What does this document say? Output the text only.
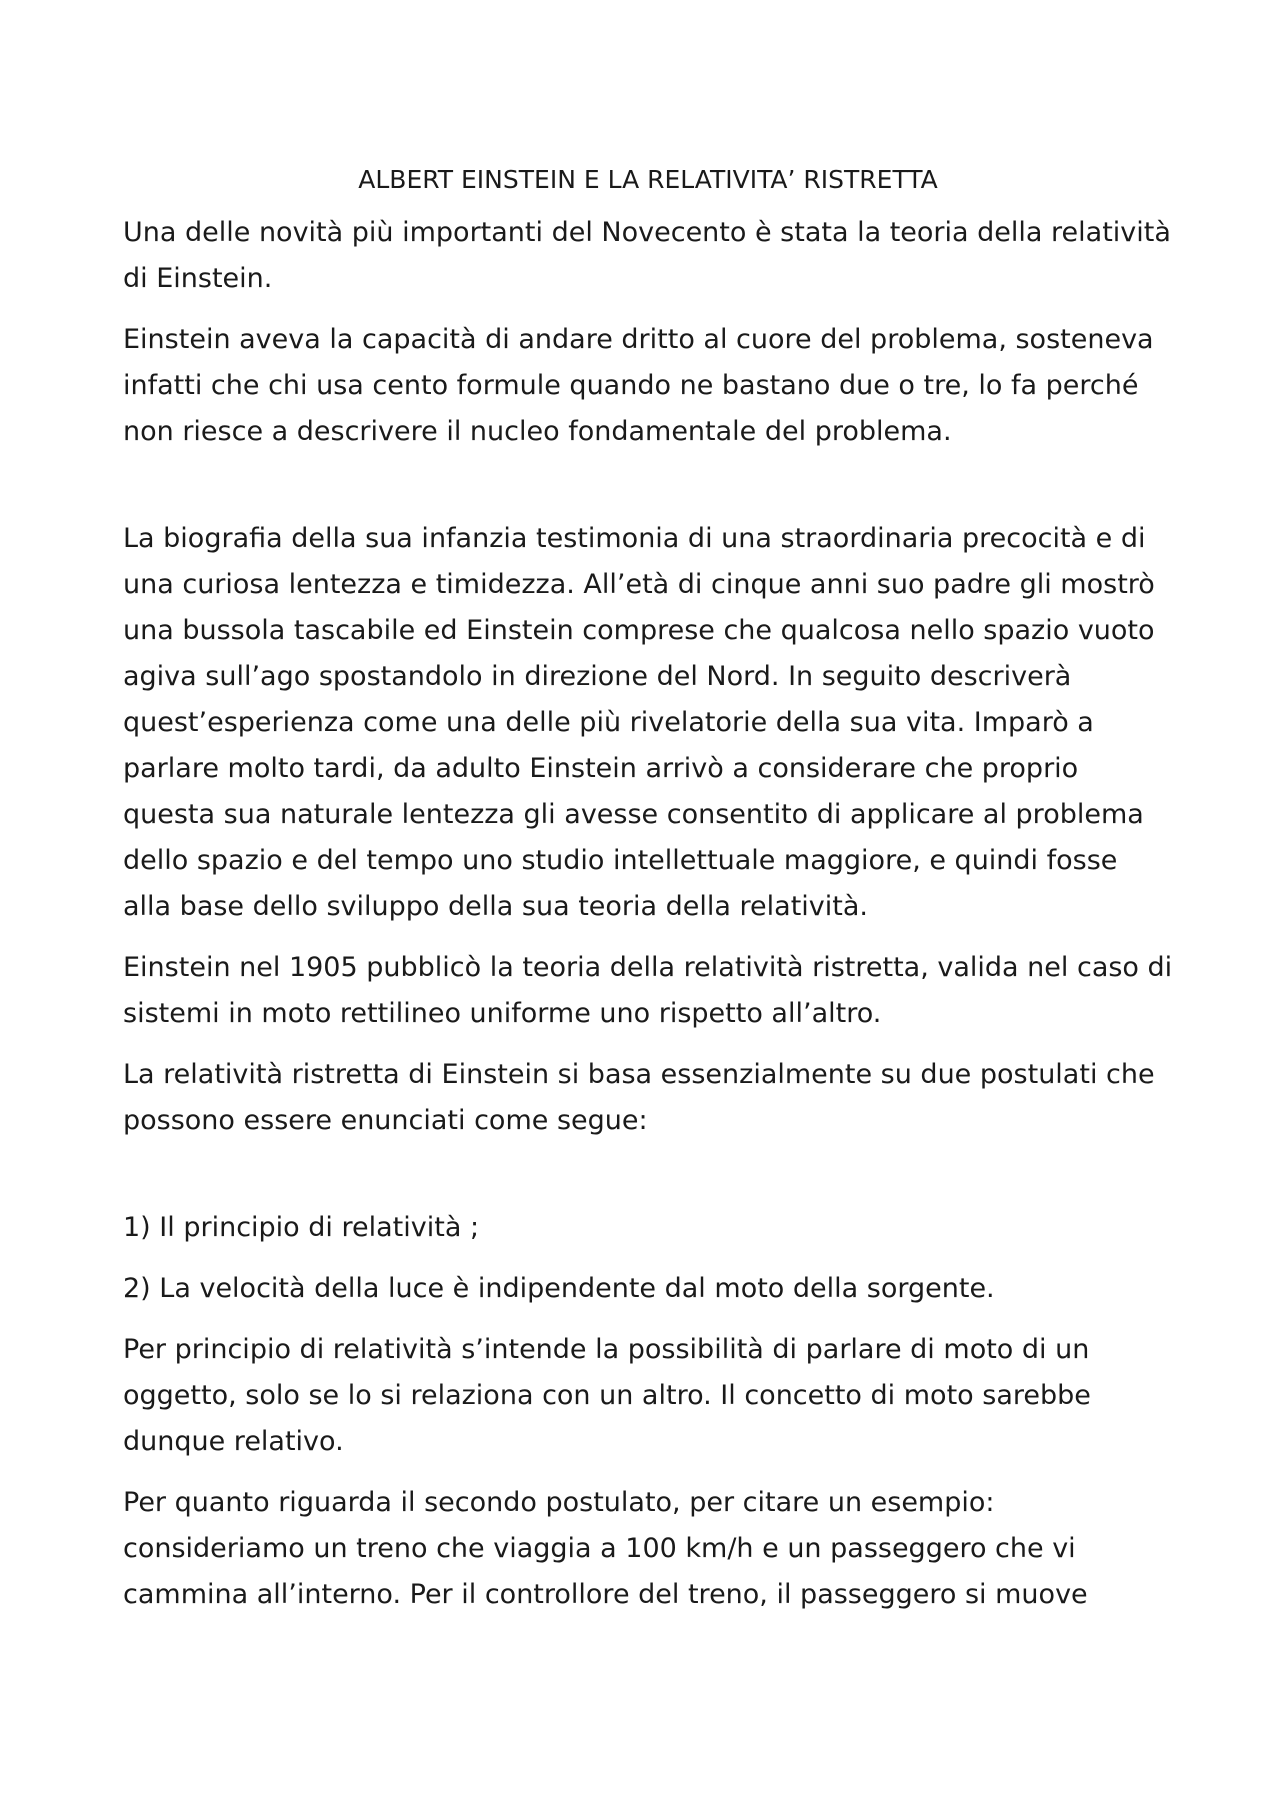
ALBERT EINSTEIN E LA RELATIVITA’ RISTRETTA

Una delle novità più importanti del Novecento è stata la teoria della relatività di Einstein.

Einstein aveva la capacità di andare dritto al cuore del problema, sosteneva infatti che chi usa cento formule quando ne bastano due o tre, lo fa perché non riesce a descrivere il nucleo fondamentale del problema.

La biografia della sua infanzia testimonia di una straordinaria precocità e di una curiosa lentezza e timidezza. All’età di cinque anni suo padre gli mostrò una bussola tascabile ed Einstein comprese che qualcosa nello spazio vuoto agiva sull’ago spostandolo in direzione del Nord. In seguito descriverà quest’esperienza come una delle più rivelatorie della sua vita. Imparò a parlare molto tardi, da adulto Einstein arrivò a considerare che proprio questa sua naturale lentezza gli avesse consentito di applicare al problema dello spazio e del tempo uno studio intellettuale maggiore, e quindi fosse alla base dello sviluppo della sua teoria della relatività.

Einstein nel 1905 pubblicò la teoria della relatività ristretta, valida nel caso di sistemi in moto rettilineo uniforme uno rispetto all’altro.

La relatività ristretta di Einstein si basa essenzialmente su due postulati che possono essere enunciati come segue:

1) Il principio di relatività ;

2) La velocità della luce è indipendente dal moto della sorgente.

Per principio di relatività s’intende la possibilità di parlare di moto di un oggetto, solo se lo si relaziona con un altro. Il concetto di moto sarebbe dunque relativo.

Per quanto riguarda il secondo postulato, per citare un esempio: consideriamo un treno che viaggia a 100 km/h e un passeggero che vi cammina all’interno. Per il controllore del treno, il passeggero si muove
